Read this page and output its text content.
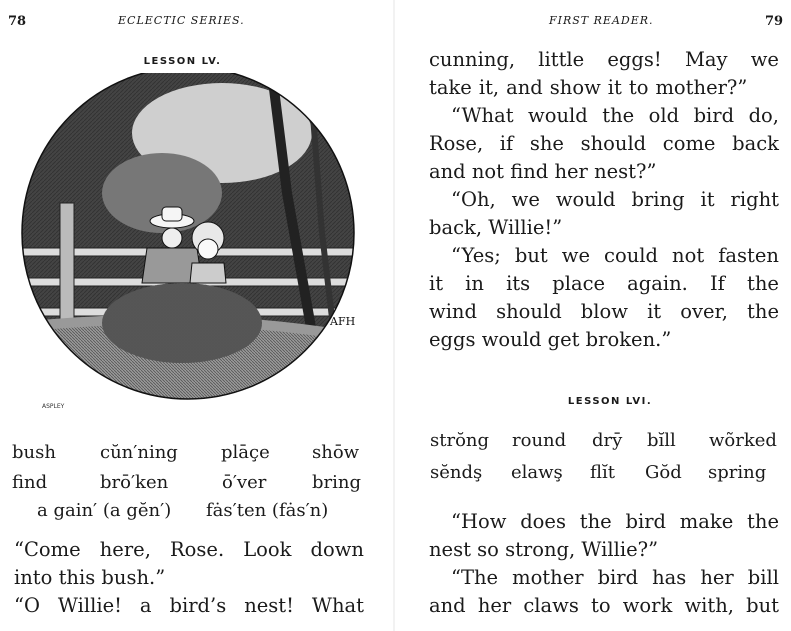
78	ECLECTIC SERIES.
LESSON LV.
AFH
ASPLEY
bush cŭn′ning plāçe shōw
find	brō′ken	ō′ver	bring
a gain′ (a gĕn′) fȧs′ten (fȧs′n)
“Come here, Rose. Look down
into this bush.”
“O Willie! a bird’s nest! What
FIRST READER.	79
cunning, little eggs! May we
take it, and show it to mother?”
“What would the old bird do,
Rose, if she should come back
and not find her nest?”
“Oh, we would bring it right
back, Willie!”
“Yes; but we could not fasten
it in its place again. If the
wind should blow it over, the
eggs would get broken.”
LESSON LVI.
strŏng round drȳ bĭll wõrked
sĕndş elawş flĭt Gŏd spring
“How does the bird make the
nest so strong, Willie?”
“The mother bird has her bill
and her claws to work with, but
